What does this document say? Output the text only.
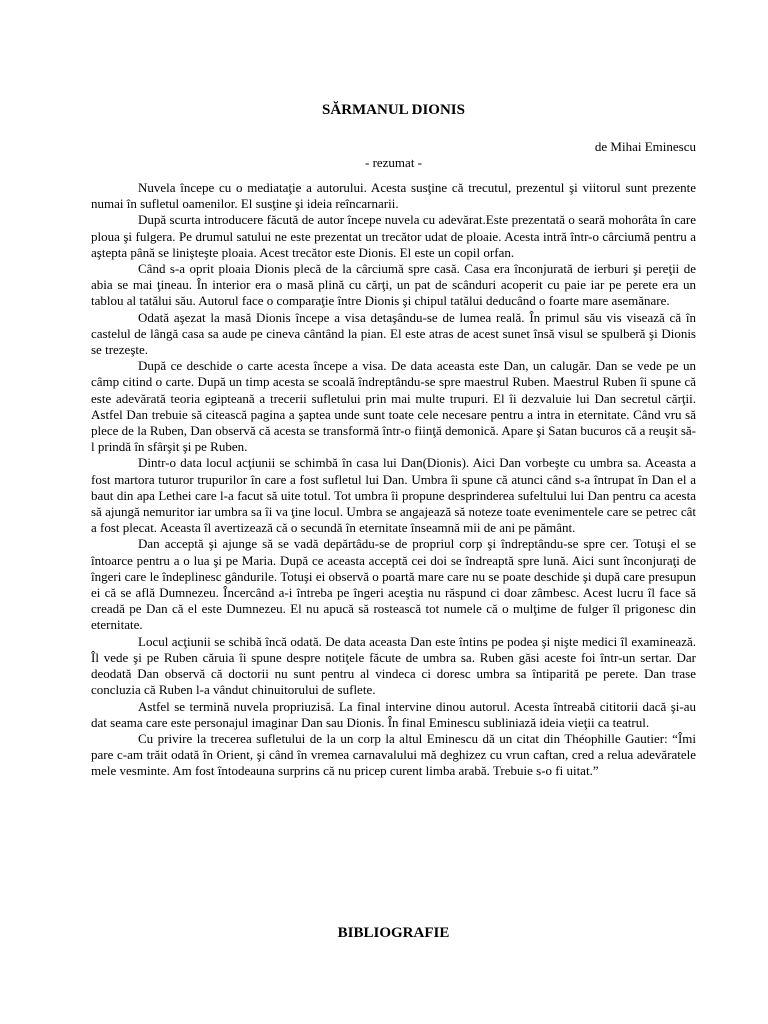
SĂRMANUL DIONIS
de Mihai Eminescu
- rezumat -

Nuvela începe cu o mediataţie a autorului. Acesta susţine că trecutul, prezentul şi viitorul sunt prezente numai în sufletul oamenilor. El susţine şi ideia reîncarnarii.

După scurta introducere făcută de autor începe nuvela cu adevărat.Este prezentată o seară mohorâta în care ploua şi fulgera. Pe drumul satului ne este prezentat un trecător udat de ploaie. Acesta intră într-o cârciumă pentru a aştepta până se linişteşte ploaia. Acest trecător este Dionis. El este un copil orfan.

Când s-a oprit ploaia Dionis plecă de la cârciumă spre casă. Casa era înconjurată de ierburi şi pereţii de abia se mai ţineau. În interior era o masă plină cu cărţi, un pat de scânduri acoperit cu paie iar pe perete era un tablou al tatălui său. Autorul face o comparaţie între Dionis şi chipul tatălui deducând o foarte mare asemănare.

Odată aşezat la masă Dionis începe a visa detaşându-se de lumea reală. În primul său vis visează că în castelul de lângă casa sa aude pe cineva cântând la pian. El este atras de acest sunet însă visul se spulberă şi Dionis se trezeşte.

După ce deschide o carte acesta începe a visa. De data aceasta este Dan, un calugăr. Dan se vede pe un câmp citind o carte. După un timp acesta se scoală îndreptându-se spre maestrul Ruben. Maestrul Ruben îi spune că este adevărată teoria egipteană a trecerii sufletului prin mai multe trupuri. El îi dezvaluie lui Dan secretul cărţii. Astfel Dan trebuie să citească pagina a şaptea unde sunt toate cele necesare pentru a intra in eternitate. Când vru să plece de la Ruben, Dan observă că acesta se transformă într-o fiinţă demonică. Apare şi Satan bucuros că a reuşit să-l prindă în sfârşit şi pe Ruben.

Dintr-o data locul acţiunii se schimbă în casa lui Dan(Dionis). Aici Dan vorbeşte cu umbra sa. Aceasta a fost martora tuturor trupurilor în care a fost sufletul lui Dan. Umbra îi spune că atunci când s-a întrupat în Dan el a baut din apa Lethei care l-a facut să uite totul. Tot umbra îi propune desprinderea sufeltului lui Dan pentru ca acesta să ajungă nemuritor iar umbra sa îi va ţine locul. Umbra se angajează să noteze toate evenimentele care se petrec cât a fost plecat. Aceasta îl avertizează că o secundă în eternitate înseamnă mii de ani pe pământ.

Dan acceptă şi ajunge să se vadă depărtâdu-se de propriul corp şi îndreptându-se spre cer. Totuşi el se întoarce pentru a o lua şi pe Maria. După ce aceasta acceptă cei doi se îndreaptă spre lună. Aici sunt înconjuraţi de îngeri care le îndeplinesc gândurile. Totuşi ei observă o poartă mare care nu se poate deschide şi după care presupun ei că se află Dumnezeu. Încercând a-i întreba pe îngeri aceştia nu răspund ci doar zâmbesc. Acest lucru îl face să creadă pe Dan că el este Dumnezeu. El nu apucă să rostească tot numele că o mulţime de fulger îl prigonesc din eternitate.

Locul acţiunii se schibă încă odată. De data aceasta Dan este întins pe podea şi nişte medici îl examinează. Îl vede şi pe Ruben căruia îi spune despre notiţele făcute de umbra sa. Ruben găsi aceste foi într-un sertar. Dar deodată Dan observă că doctorii nu sunt pentru al vindeca ci doresc umbra sa întiparită pe perete. Dan trase concluzia că Ruben l-a vândut chinuitorului de suflete.

Astfel se termină nuvela propriuzisă. La final intervine dinou autorul. Acesta întreabă cititorii dacă şi-au dat seama care este personajul imaginar Dan sau Dionis. În final Eminescu subliniază ideia vieţii ca teatrul.

Cu privire la trecerea sufletului de la un corp la altul Eminescu dă un citat din Théophille Gautier: “Îmi pare c-am trăit odată în Orient, şi când în vremea carnavalului mă deghizez cu vrun caftan, cred a relua adevăratele mele vesminte. Am fost întodeauna surprins că nu pricep curent limba arabă. Trebuie s-o fi uitat.”

BIBLIOGRAFIE
